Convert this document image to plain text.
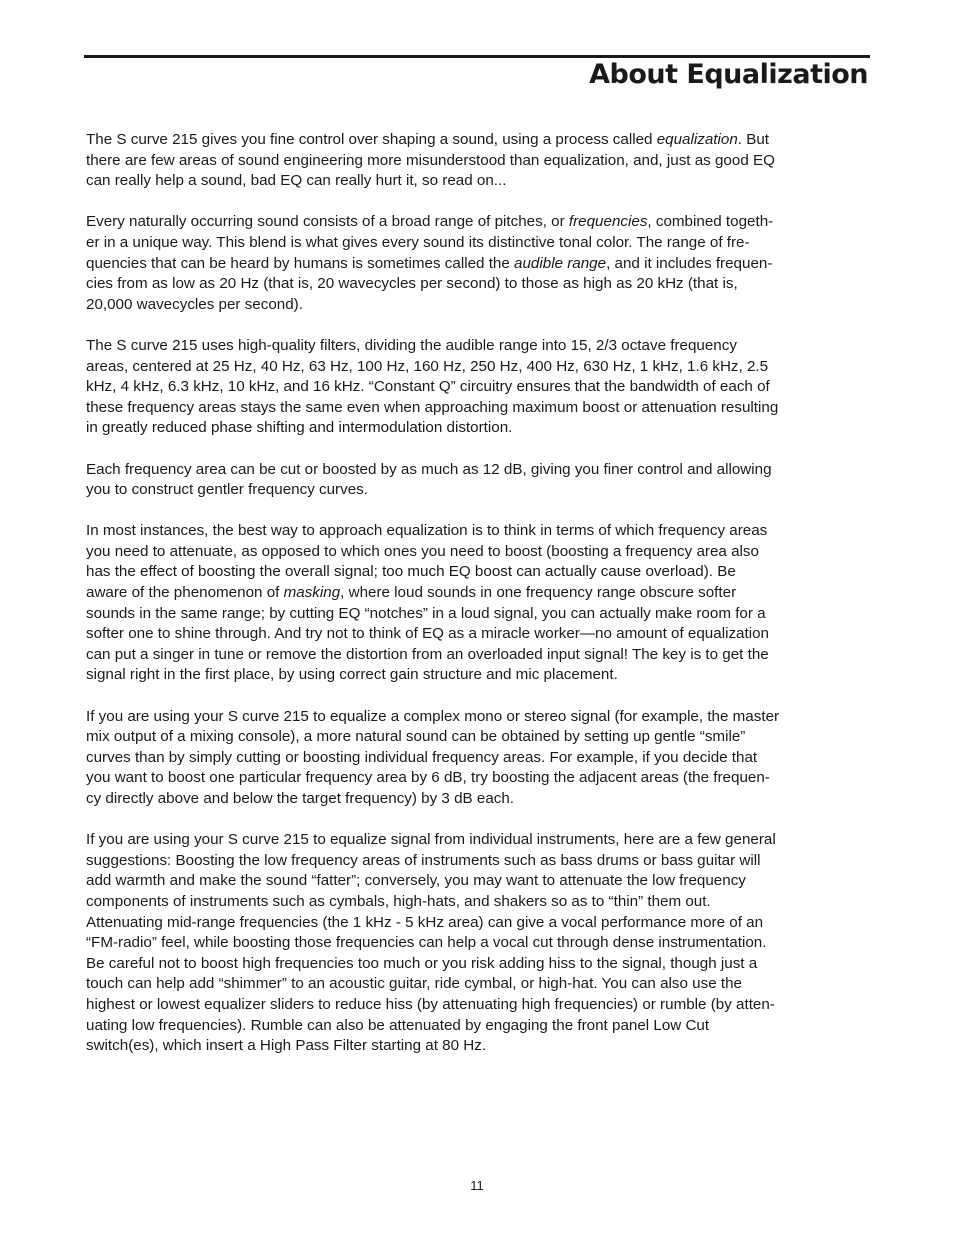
About Equalization

The S curve 215 gives you fine control over shaping a sound, using a process called equalization. But
there are few areas of sound engineering more misunderstood than equalization, and, just as good EQ
can really help a sound, bad EQ can really hurt it, so read on...

Every naturally occurring sound consists of a broad range of pitches, or frequencies, combined togeth-
er in a unique way. This blend is what gives every sound its distinctive tonal color. The range of fre-
quencies that can be heard by humans is sometimes called the audible range, and it includes frequen-
cies from as low as 20 Hz (that is, 20 wavecycles per second) to those as high as 20 kHz (that is,
20,000 wavecycles per second).

The S curve 215 uses high-quality filters, dividing the audible range into 15, 2/3 octave frequency
areas, centered at 25 Hz, 40 Hz, 63 Hz, 100 Hz, 160 Hz, 250 Hz, 400 Hz, 630 Hz, 1 kHz, 1.6 kHz, 2.5
kHz, 4 kHz, 6.3 kHz, 10 kHz, and 16 kHz. “Constant Q” circuitry ensures that the bandwidth of each of
these frequency areas stays the same even when approaching maximum boost or attenuation resulting
in greatly reduced phase shifting and intermodulation distortion.

Each frequency area can be cut or boosted by as much as 12 dB, giving you finer control and allowing
you to construct gentler frequency curves.

In most instances, the best way to approach equalization is to think in terms of which frequency areas
you need to attenuate, as opposed to which ones you need to boost (boosting a frequency area also
has the effect of boosting the overall signal; too much EQ boost can actually cause overload). Be
aware of the phenomenon of masking, where loud sounds in one frequency range obscure softer
sounds in the same range; by cutting EQ “notches” in a loud signal, you can actually make room for a
softer one to shine through. And try not to think of EQ as a miracle worker—no amount of equalization
can put a singer in tune or remove the distortion from an overloaded input signal! The key is to get the
signal right in the first place, by using correct gain structure and mic placement.

If you are using your S curve 215 to equalize a complex mono or stereo signal (for example, the master
mix output of a mixing console), a more natural sound can be obtained by setting up gentle “smile”
curves than by simply cutting or boosting individual frequency areas. For example, if you decide that
you want to boost one particular frequency area by 6 dB, try boosting the adjacent areas (the frequen-
cy directly above and below the target frequency) by 3 dB each.

If you are using your S curve 215 to equalize signal from individual instruments, here are a few general
suggestions: Boosting the low frequency areas of instruments such as bass drums or bass guitar will
add warmth and make the sound “fatter”; conversely, you may want to attenuate the low frequency
components of instruments such as cymbals, high-hats, and shakers so as to “thin” them out.
Attenuating mid-range frequencies (the 1 kHz - 5 kHz area) can give a vocal performance more of an
“FM-radio” feel, while boosting those frequencies can help a vocal cut through dense instrumentation.
Be careful not to boost high frequencies too much or you risk adding hiss to the signal, though just a
touch can help add “shimmer” to an acoustic guitar, ride cymbal, or high-hat. You can also use the
highest or lowest equalizer sliders to reduce hiss (by attenuating high frequencies) or rumble (by atten-
uating low frequencies). Rumble can also be attenuated by engaging the front panel Low Cut
switch(es), which insert a High Pass Filter starting at 80 Hz.

11
